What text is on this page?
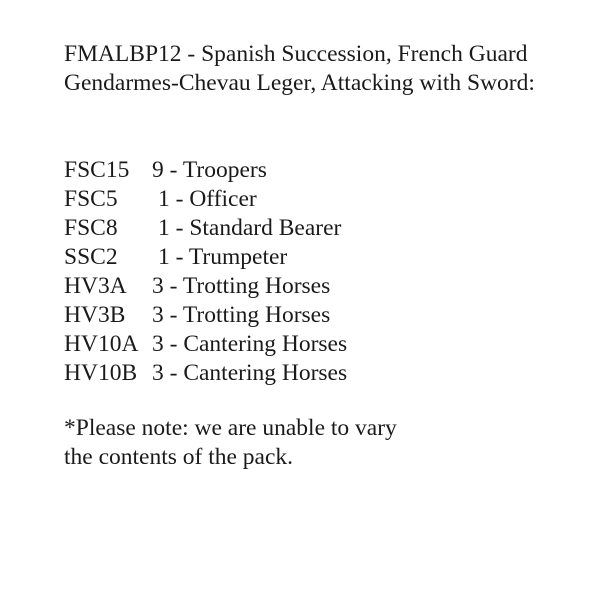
FMALBP12 - Spanish Succession, French Guard
Gendarmes-Chevau Leger, Attacking with Sword:
FSC15 9 - Troopers
FSC5 1 - Officer
FSC8 1 - Standard Bearer
SSC2 1 - Trumpeter
HV3A 3 - Trotting Horses
HV3B 3 - Trotting Horses
HV10A 3 - Cantering Horses
HV10B 3 - Cantering Horses
*Please note: we are unable to vary
the contents of the pack.
